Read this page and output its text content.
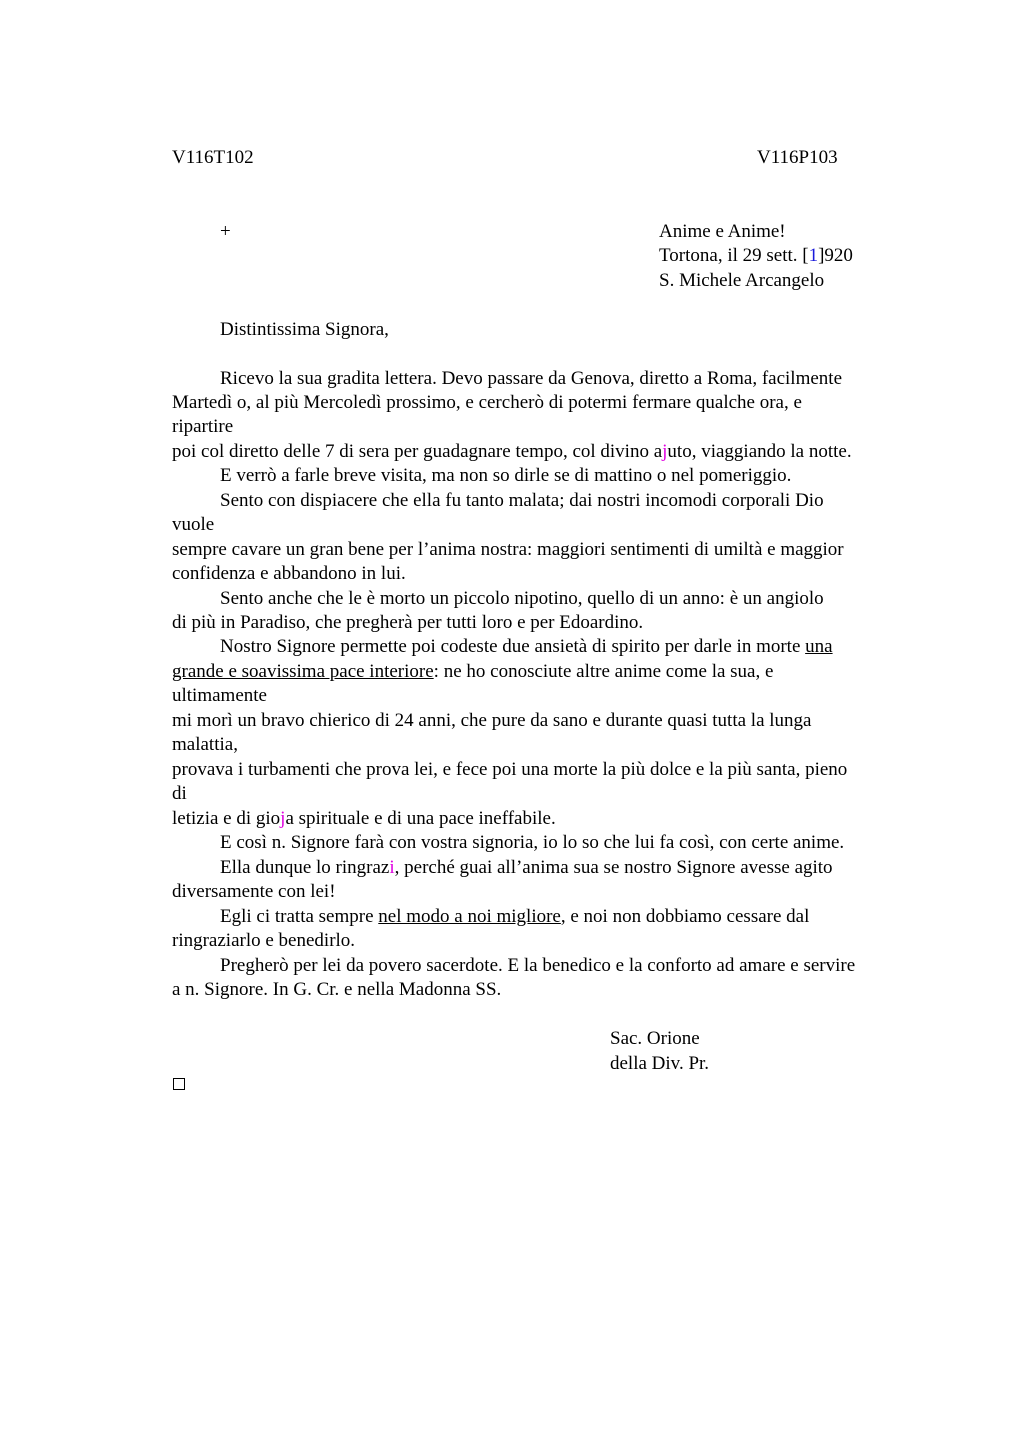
V116T102	V116P103
+	Anime e Anime!
Tortona, il 29 sett. [1]920
S. Michele Arcangelo
Distintissima Signora,
Ricevo la sua gradita lettera. Devo passare da Genova, diretto a Roma, facilmente
Martedì o, al più Mercoledì prossimo, e cercherò di potermi fermare qualche ora, e
ripartire
poi col diretto delle 7 di sera per guadagnare tempo, col divino ajuto, viaggiando la notte.
E verrò a farle breve visita, ma non so dirle se di mattino o nel pomeriggio.
Sento con dispiacere che ella fu tanto malata; dai nostri incomodi corporali Dio
vuole
sempre cavare un gran bene per l’anima nostra: maggiori sentimenti di umiltà e maggior
confidenza e abbandono in lui.
Sento anche che le è morto un piccolo nipotino, quello di un anno: è un angiolo
di più in Paradiso, che pregherà per tutti loro e per Edoardino.
Nostro Signore permette poi codeste due ansietà di spirito per darle in morte una
grande e soavissima pace interiore: ne ho conosciute altre anime come la sua, e
ultimamente
mi morì un bravo chierico di 24 anni, che pure da sano e durante quasi tutta la lunga
malattia,
provava i turbamenti che prova lei, e fece poi una morte la più dolce e la più santa, pieno
di
letizia e di gioja spirituale e di una pace ineffabile.
E così n. Signore farà con vostra signoria, io lo so che lui fa così, con certe anime.
Ella dunque lo ringrazi, perché guai all’anima sua se nostro Signore avesse agito
diversamente con lei!
Egli ci tratta sempre nel modo a noi migliore, e noi non dobbiamo cessare dal
ringraziarlo e benedirlo.
Pregherò per lei da povero sacerdote. E la benedico e la conforto ad amare e servire
a n. Signore. In G. Cr. e nella Madonna SS.
Sac. Orione
della Div. Pr.
